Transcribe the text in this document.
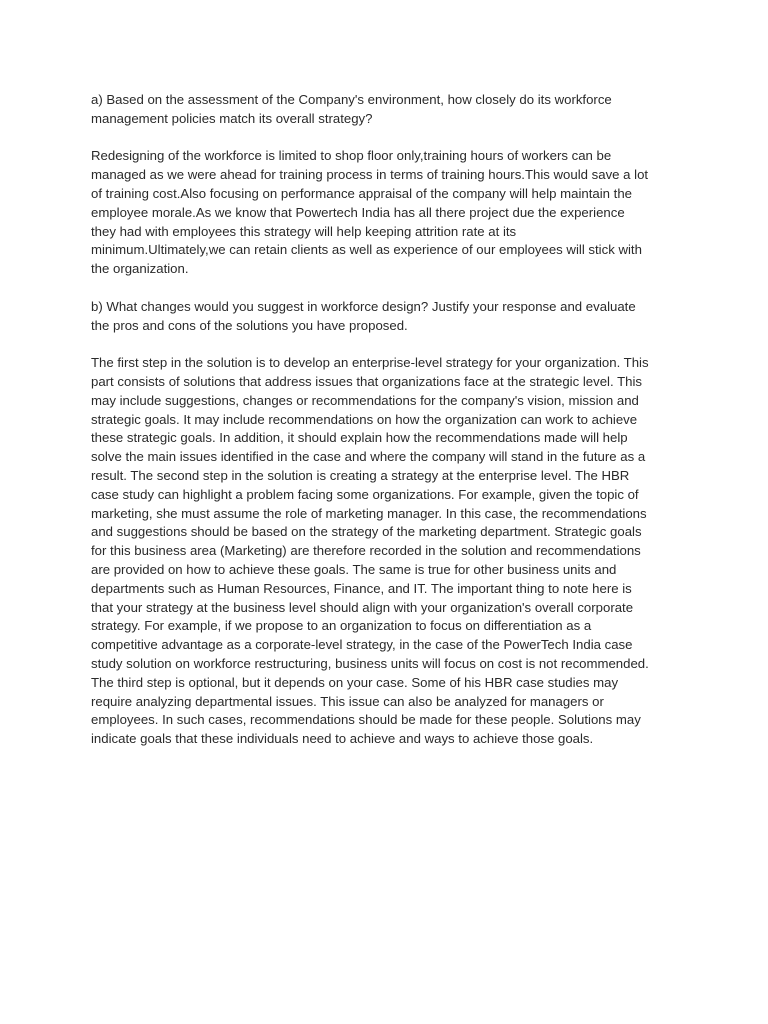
a) Based on the assessment of the Company's environment, how closely do its workforce
management policies match its overall strategy?

Redesigning of the workforce is limited to shop floor only,training hours of workers can be
managed as we were ahead for training process in terms of training hours.This would save a lot
of training cost.Also focusing on performance appraisal of the company will help maintain the
employee morale.As we know that Powertech India has all there project due the experience
they had with employees this strategy will help keeping attrition rate at its
minimum.Ultimately,we can retain clients as well as experience of our employees will stick with
the organization.

b) What changes would you suggest in workforce design? Justify your response and evaluate
the pros and cons of the solutions you have proposed.

The first step in the solution is to develop an enterprise-level strategy for your organization. This
part consists of solutions that address issues that organizations face at the strategic level. This
may include suggestions, changes or recommendations for the company's vision, mission and
strategic goals. It may include recommendations on how the organization can work to achieve
these strategic goals. In addition, it should explain how the recommendations made will help
solve the main issues identified in the case and where the company will stand in the future as a
result. The second step in the solution is creating a strategy at the enterprise level. The HBR
case study can highlight a problem facing some organizations. For example, given the topic of
marketing, she must assume the role of marketing manager. In this case, the recommendations
and suggestions should be based on the strategy of the marketing department. Strategic goals
for this business area (Marketing) are therefore recorded in the solution and recommendations
are provided on how to achieve these goals. The same is true for other business units and
departments such as Human Resources, Finance, and IT. The important thing to note here is
that your strategy at the business level should align with your organization's overall corporate
strategy. For example, if we propose to an organization to focus on differentiation as a
competitive advantage as a corporate-level strategy, in the case of the PowerTech India case
study solution on workforce restructuring, business units will focus on cost is not recommended.
The third step is optional, but it depends on your case. Some of his HBR case studies may
require analyzing departmental issues. This issue can also be analyzed for managers or
employees. In such cases, recommendations should be made for these people. Solutions may
indicate goals that these individuals need to achieve and ways to achieve those goals.
